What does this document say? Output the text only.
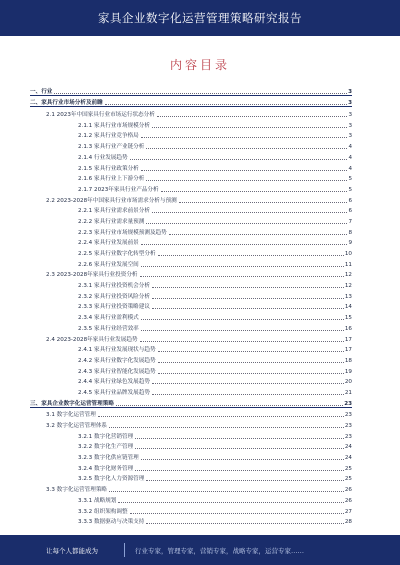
家具企业数字化运营管理策略研究报告
内容目录
一、行业	3
二、家具行业市场分析及前瞻	3
2.1 2023年中国家具行业市场运行状态分析	3
2.1.1 家具行业市场规模分析	3
2.1.2 家具行业竞争格局	3
2.1.3 家具行业产业链分析	4
2.1.4 行业发展趋势	4
2.1.5 家具行业政策分析	4
2.1.6 家具行业上下游分析	5
2.1.7 2023年家具行业产品分析	5
2.2 2023-2028年中国家具行业市场需求分析与预测	6
2.2.1 家具行业需求前景分析	6
2.2.2 家具行业需求量预测	7
2.2.3 家具行业市场规模预测及趋势	8
2.2.4 家具行业发展前景	9
2.2.5 家具行业数字化转型分析	10
2.2.6 家具行业发展空间	11
2.3 2023-2028年家具行业投资分析	12
2.3.1 家具行业投资机会分析	12
2.3.2 家具行业投资风险分析	13
2.3.3 家具行业投资策略建议	14
2.3.4 家具行业盈利模式	15
2.3.5 家具行业经营效率	16
2.4 2023-2028年家具行业发展趋势	17
2.4.1 家具行业发展现状与趋势	17
2.4.2 家具行业数字化发展趋势	18
2.4.3 家具行业智能化发展趋势	19
2.4.4 家具行业绿色发展趋势	20
2.4.5 家具行业品牌发展趋势	21
三、家具企业数字化运营管理策略	23
3.1 数字化运营管理	23
3.2 数字化运营管理体系	23
3.2.1 数字化营销管理	23
3.2.2 数字化生产管理	24
3.2.3 数字化供应链管理	24
3.2.4 数字化财务管理	25
3.2.5 数字化人力资源管理	25
3.3 数字化运营管理策略	26
3.3.1 战略规划	26
3.3.2 组织架构调整	27
3.3.3 数据驱动与决策支持	28
让每个人都能成为	行业专家，管理专家，营销专家，战略专家，运营专家……
